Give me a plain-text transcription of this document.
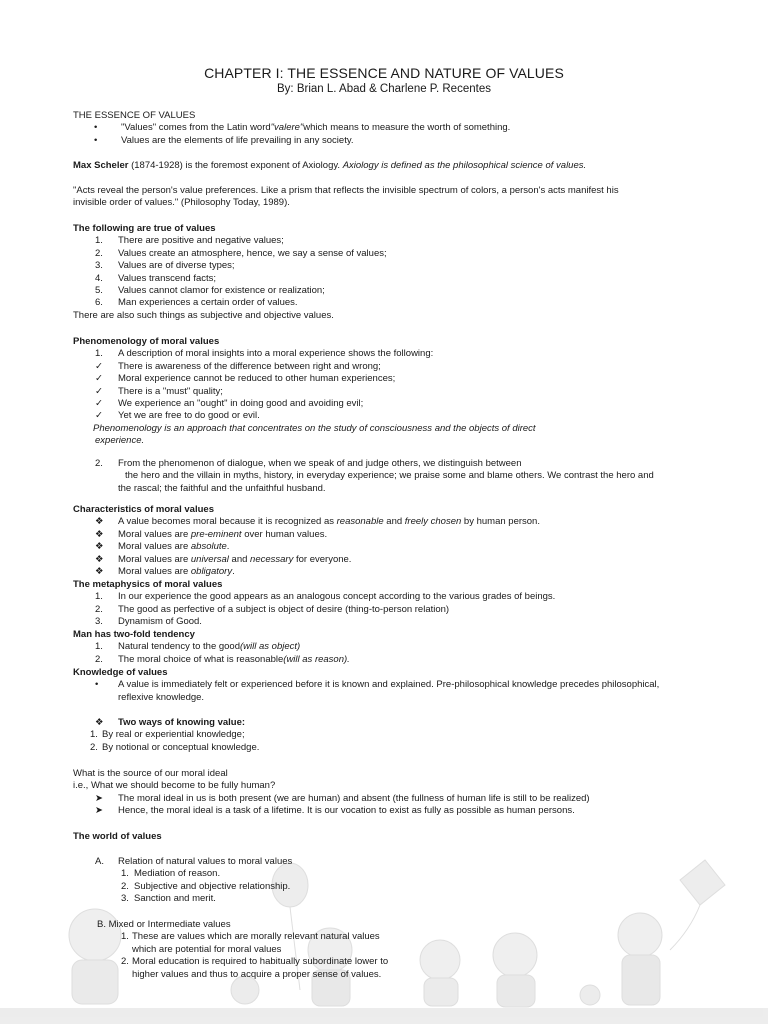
CHAPTER I: THE ESSENCE AND NATURE OF VALUES
By: Brian L. Abad & Charlene P. Recentes
THE ESSENCE OF VALUES
•	"Values" comes from the Latin word "valere" which means to measure the worth of something.
•	Values are the elements of life prevailing in any society.
Max Scheler (1874-1928) is the foremost exponent of Axiology. Axiology is defined as the philosophical science of values.
"Acts reveal the person's value preferences. Like a prism that reflects the invisible spectrum of colors, a person's acts manifest his
invisible order of values." (Philosophy Today, 1989).
The following are true of values
1.	There are positive and negative values;
2.	Values create an atmosphere, hence, we say a sense of values;
3.	Values are of diverse types;
4.	Values transcend facts;
5.	Values cannot clamor for existence or realization;
6.	Man experiences a certain order of values.
There are also such things as subjective and objective values.
Phenomenology of moral values
1.	A description of moral insights into a moral experience shows the following:
✓	There is awareness of the difference between right and wrong;
✓	Moral experience cannot be reduced to other human experiences;
✓	There is a "must" quality;
✓	We experience an "ought" in doing good and avoiding evil;
✓	Yet we are free to do good or evil.
Phenomenology is an approach that concentrates on the study of consciousness and the objects of direct
experience.
2.	From the phenomenon of dialogue, when we speak of and judge others, we distinguish between
the hero and the villain in myths, history, in everyday experience; we praise some and blame others. We contrast the hero and
the rascal; the faithful and the unfaithful husband.
Characteristics of moral values
❖	A value becomes moral because it is recognized as reasonable and freely chosen by human person.
❖	Moral values are pre-eminent over human values.
❖	Moral values are absolute.
❖	Moral values are universal and necessary for everyone.
❖	Moral values are obligatory.
The metaphysics of moral values
1.	In our experience the good appears as an analogous concept according to the various grades of beings.
2.	The good as perfective of a subject is object of desire (thing-to-person relation)
3.	Dynamism of Good.
Man has two-fold tendency
1.	Natural tendency to the good (will as object)
2.	The moral choice of what is reasonable (will as reason).
Knowledge of values
•	A value is immediately felt or experienced before it is known and explained. Pre-philosophical knowledge precedes philosophical,
reflexive knowledge.
❖	Two ways of knowing value:
1. By real or experiential knowledge;
2. By notional or conceptual knowledge.
What is the source of our moral ideal
i.e., What we should become to be fully human?
➤	The moral ideal in us is both present (we are human) and absent (the fullness of human life is still to be realized)
➤	Hence, the moral ideal is a task of a lifetime. It is our vocation to exist as fully as possible as human persons.
The world of values
A.	Relation of natural values to moral values
1. Mediation of reason.
2. Subjective and objective relationship.
3. Sanction and merit.
B. Mixed or Intermediate values
1. These are values which are morally relevant natural values
which are potential for moral values
2. Moral education is required to habitually subordinate lower to
higher values and thus to acquire a proper sense of values.
